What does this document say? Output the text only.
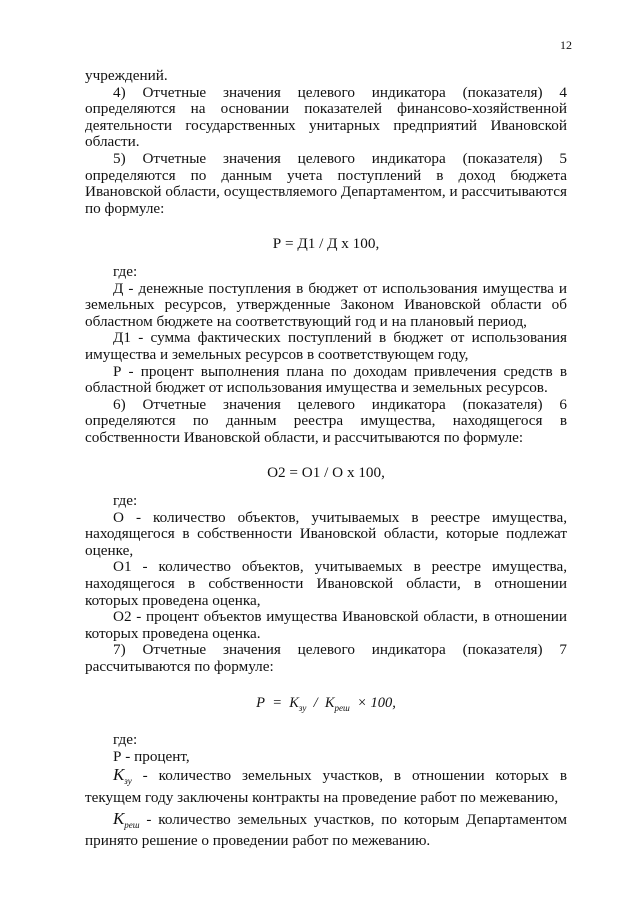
12

учреждений.

4) Отчетные значения целевого индикатора (показателя) 4 определяются на основании показателей финансово-хозяйственной деятельности государственных унитарных предприятий Ивановской области.

5) Отчетные значения целевого индикатора (показателя) 5 определяются по данным учета поступлений в доход бюджета Ивановской области, осуществляемого Департаментом, и рассчитываются по формуле:

Р = Д1 / Д х 100,

где:

Д - денежные поступления в бюджет от использования имущества и земельных ресурсов, утвержденные Законом Ивановской области об областном бюджете на соответствующий год и на плановый период,

Д1 - сумма фактических поступлений в бюджет от использования имущества и земельных ресурсов в соответствующем году,

Р - процент выполнения плана по доходам привлечения средств в областной бюджет от использования имущества и земельных ресурсов.

6) Отчетные значения целевого индикатора (показателя) 6 определяются по данным реестра имущества, находящегося в собственности Ивановской области, и рассчитываются по формуле:

О2 = О1 / О х 100,

где:

О - количество объектов, учитываемых в реестре имущества, находящегося в собственности Ивановской области, которые подлежат оценке,

О1 - количество объектов, учитываемых в реестре имущества, находящегося в собственности Ивановской области, в отношении которых проведена оценка,

О2 - процент объектов имущества Ивановской области, в отношении которых проведена оценка.

7) Отчетные значения целевого индикатора (показателя) 7 рассчитываются по формуле:

$Р = К_{зу} / К_{реш} \times 100$,

где:

Р - процент,

$К_{зу}$ - количество земельных участков, в отношении которых в текущем году заключены контракты на проведение работ по межеванию,

$К_{реш}$ - количество земельных участков, по которым Департаментом принято решение о проведении работ по межеванию.
